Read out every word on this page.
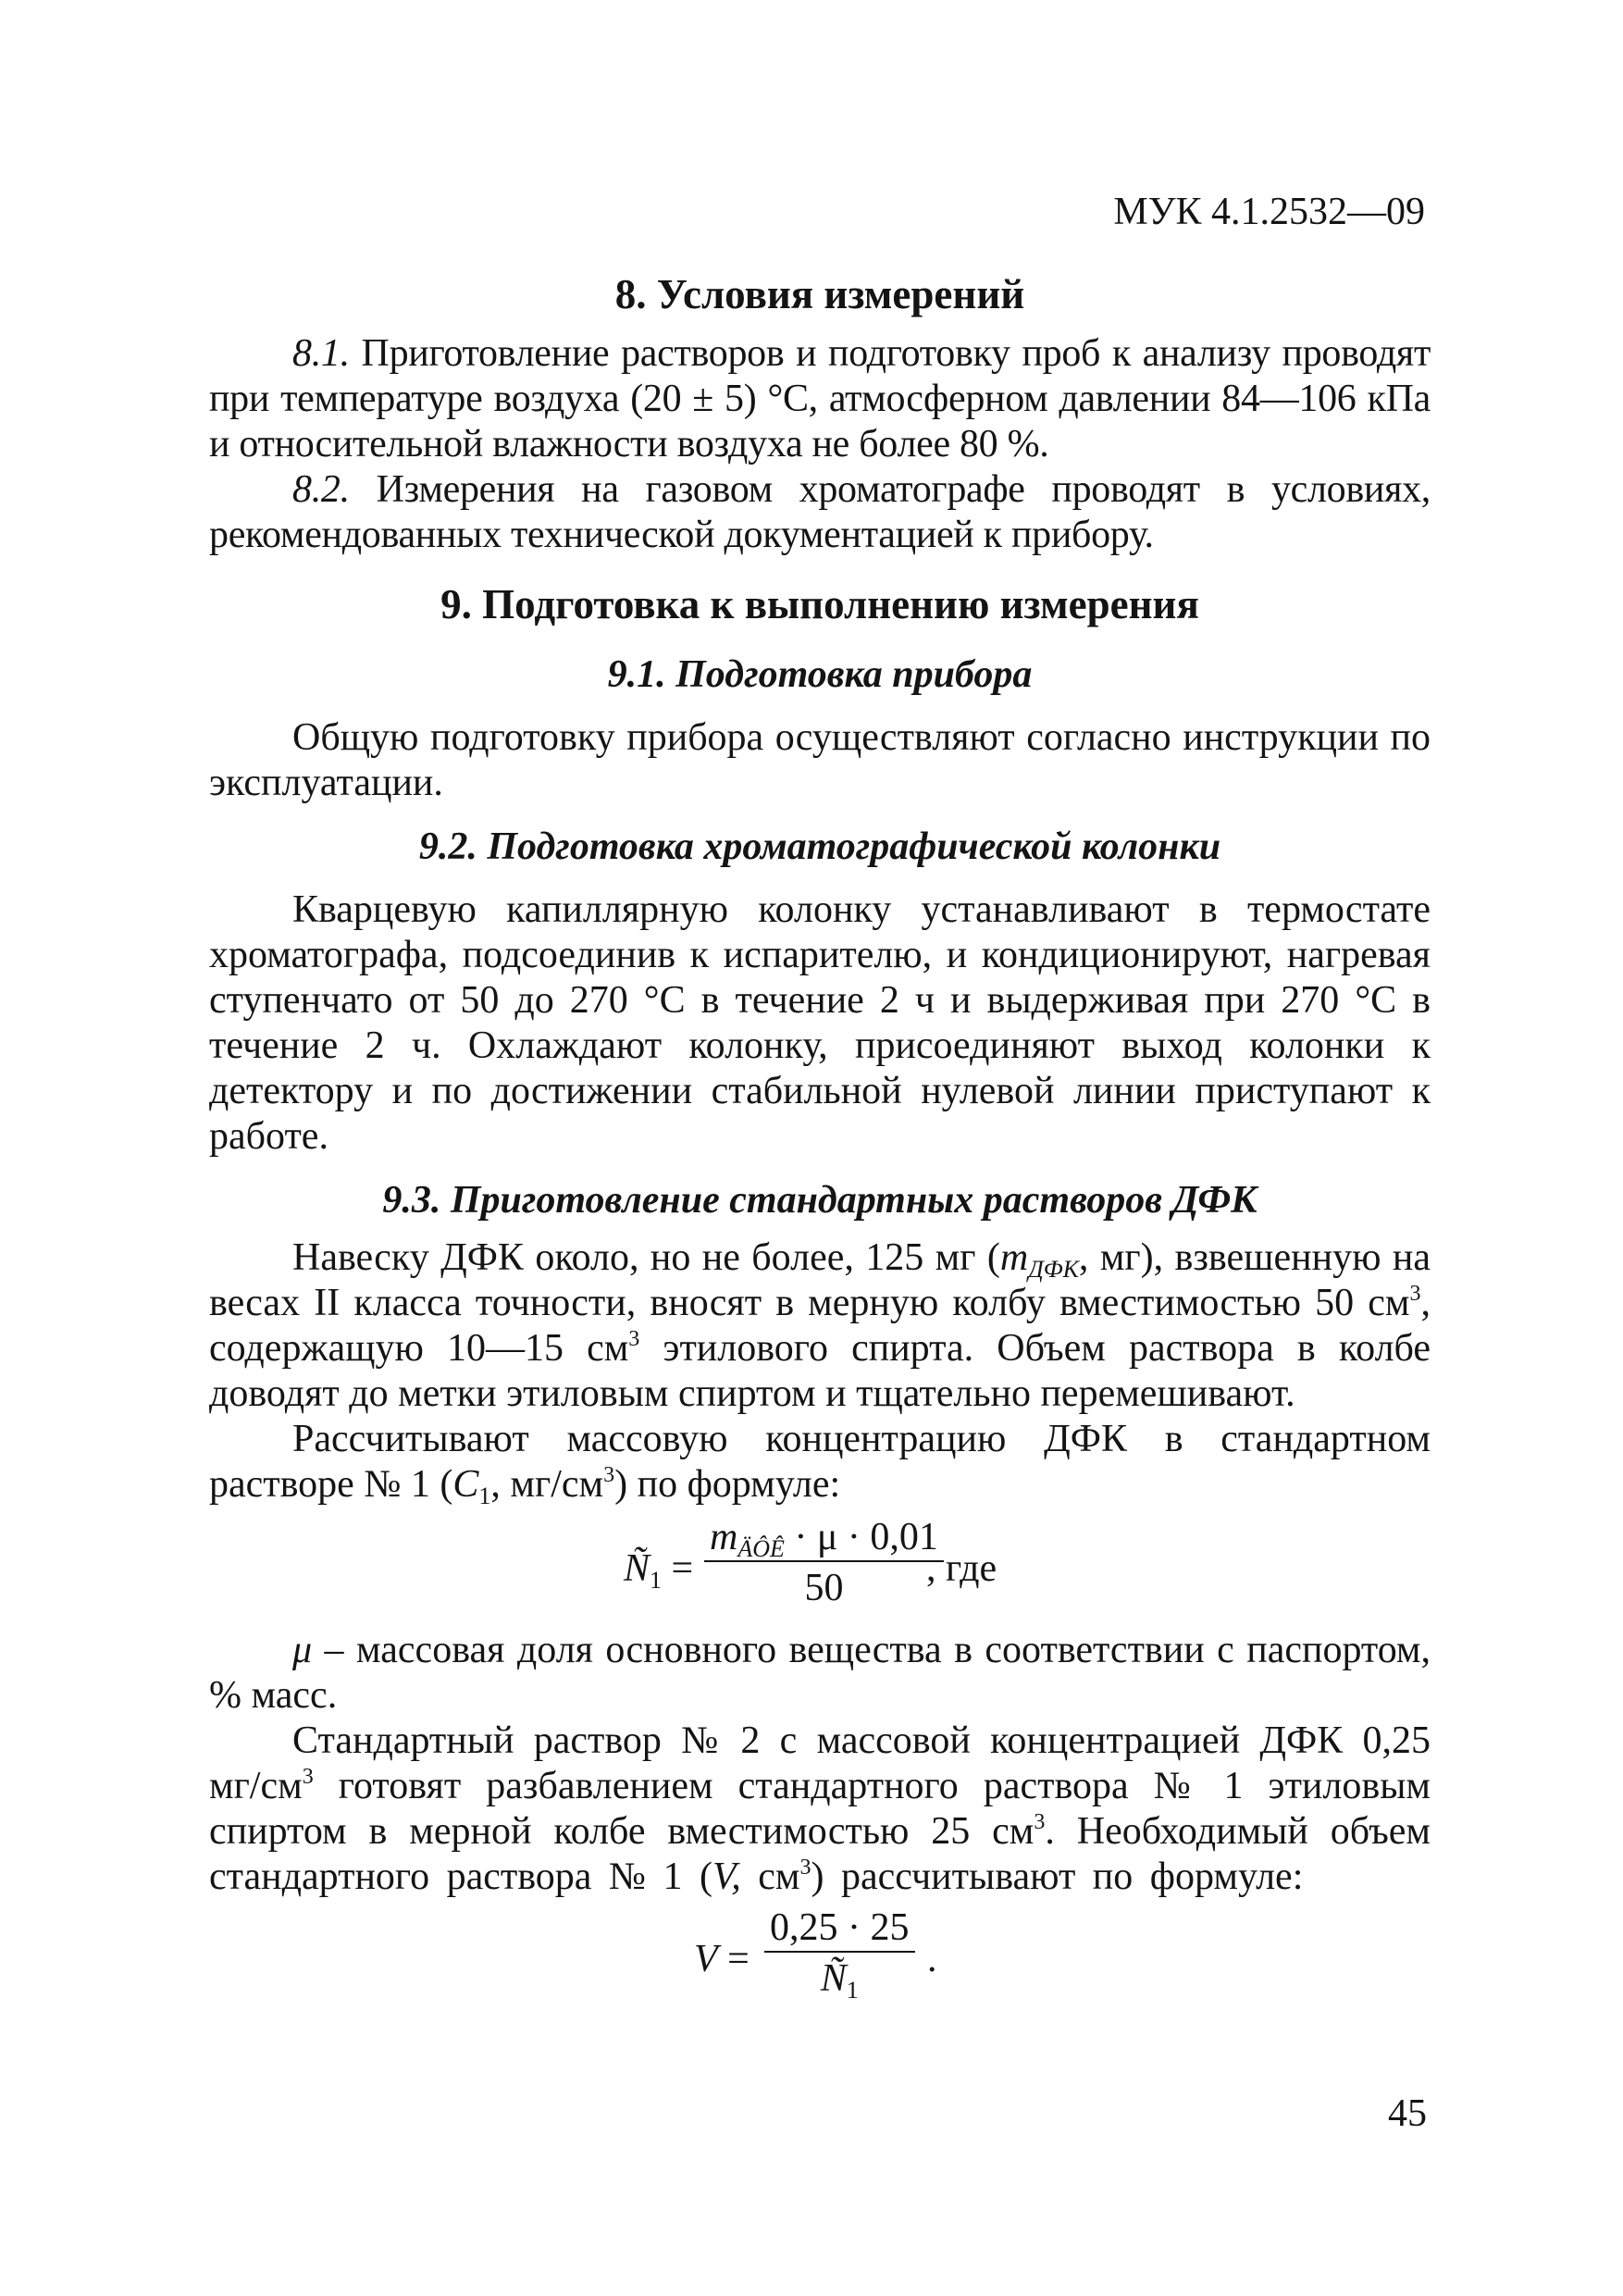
МУК 4.1.2532—09
8. Условия измерений

8.1. Приготовление растворов и подготовку проб к анализу проводят при температуре воздуха (20 ± 5) °С, атмосферном давлении 84—106 кПа и относительной влажности воздуха не более 80 %.

8.2. Измерения на газовом хроматографе проводят в условиях, рекомендованных технической документацией к прибору.

9. Подготовка к выполнению измерения
9.1. Подготовка прибора

Общую подготовку прибора осуществляют согласно инструкции по эксплуатации.

9.2. Подготовка хроматографической колонки

Кварцевую капиллярную колонку устанавливают в термостате хроматографа, подсоединив к испарителю, и кондиционируют, нагревая ступенчато от 50 до 270 °С в течение 2 ч и выдерживая при 270 °С в течение 2 ч. Охлаждают колонку, присоединяют выход колонки к детектору и по достижении стабильной нулевой линии приступают к работе.

9.3. Приготовление стандартных растворов ДФК

Навеску ДФК около, но не более, 125 мг ($m_{ДФК}$, мг), взвешенную на весах II класса точности, вносят в мерную колбу вместимостью 50 $см^3$, содержащую 10—15 $см^3$ этилового спирта. Объем раствора в колбе доводят до метки этиловым спиртом и тщательно перемешивают.

Рассчитывают массовую концентрацию ДФК в стандартном растворе № 1 ($C_1$, $мг/см^3$) по формуле:

$Ñ_1$ =
$m_{ÄÔÊ} \cdot \mu \cdot 0,01$
50	, где

μ – массовая доля основного вещества в соответствии с паспортом, % масс.

Стандартный раствор № 2 с массовой концентрацией ДФК 0,25 $мг/см^3$ готовят разбавлением стандартного раствора № 1 этиловым спиртом в мерной колбе вместимостью 25 $см^3$. Необходимый объем стандартного раствора № 1 (V, $см^3$) рассчитывают по формуле:

$V = \frac{0,25 \cdot 25}{Ñ_1}$ .
45
